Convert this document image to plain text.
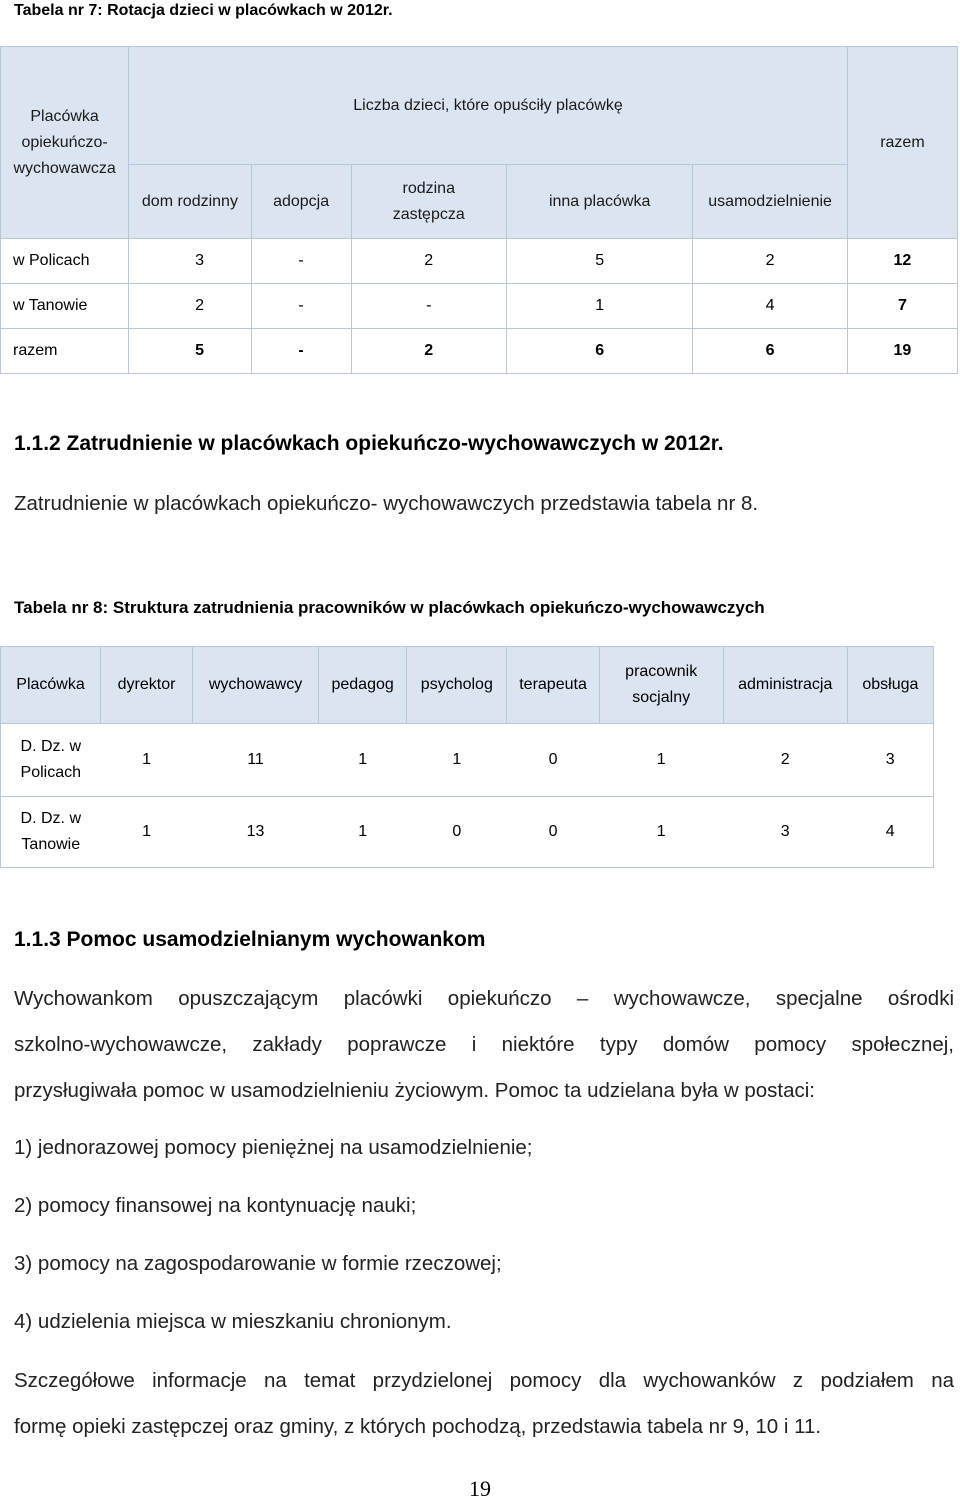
Tabela nr 7: Rotacja dzieci w placówkach w 2012r.
Placówka opiekuńczo-wychowawcza	Liczba dzieci, które opuściły placówkę					razem
	dom rodzinny	adopcja	rodzina zastępcza	inna placówka	usamodzielnienie	
w Policach	3	-	2	5	2	12
w Tanowie	2	-	-	1	4	7
razem	5	-	2	6	6	19
1.1.2 Zatrudnienie w placówkach opiekuńczo-wychowawczych w 2012r.
Zatrudnienie w placówkach opiekuńczo- wychowawczych przedstawia tabela nr 8.
Tabela nr 8: Struktura zatrudnienia pracowników w placówkach opiekuńczo-wychowawczych
Placówka	dyrektor	wychowawcy	pedagog	psycholog	terapeuta	pracownik socjalny	administracja	obsługa
D. Dz. w Policach	1	11	1	1	0	1	2	3
D. Dz. w Tanowie	1	13	1	0	0	1	3	4
1.1.3 Pomoc usamodzielnianym wychowankom
Wychowankom opuszczającym placówki opiekuńczo – wychowawcze, specjalne ośrodki
szkolno-wychowawcze, zakłady poprawcze i niektóre typy domów pomocy społecznej,
przysługiwała pomoc w usamodzielnieniu życiowym. Pomoc ta udzielana była w postaci:
1) jednorazowej pomocy pieniężnej na usamodzielnienie;
2) pomocy finansowej na kontynuację nauki;
3) pomocy na zagospodarowanie w formie rzeczowej;
4) udzielenia miejsca w mieszkaniu chronionym.
Szczegółowe informacje na temat przydzielonej pomocy dla wychowanków z podziałem na
formę opieki zastępczej oraz gminy, z których pochodzą, przedstawia tabela nr 9, 10 i 11.
19
